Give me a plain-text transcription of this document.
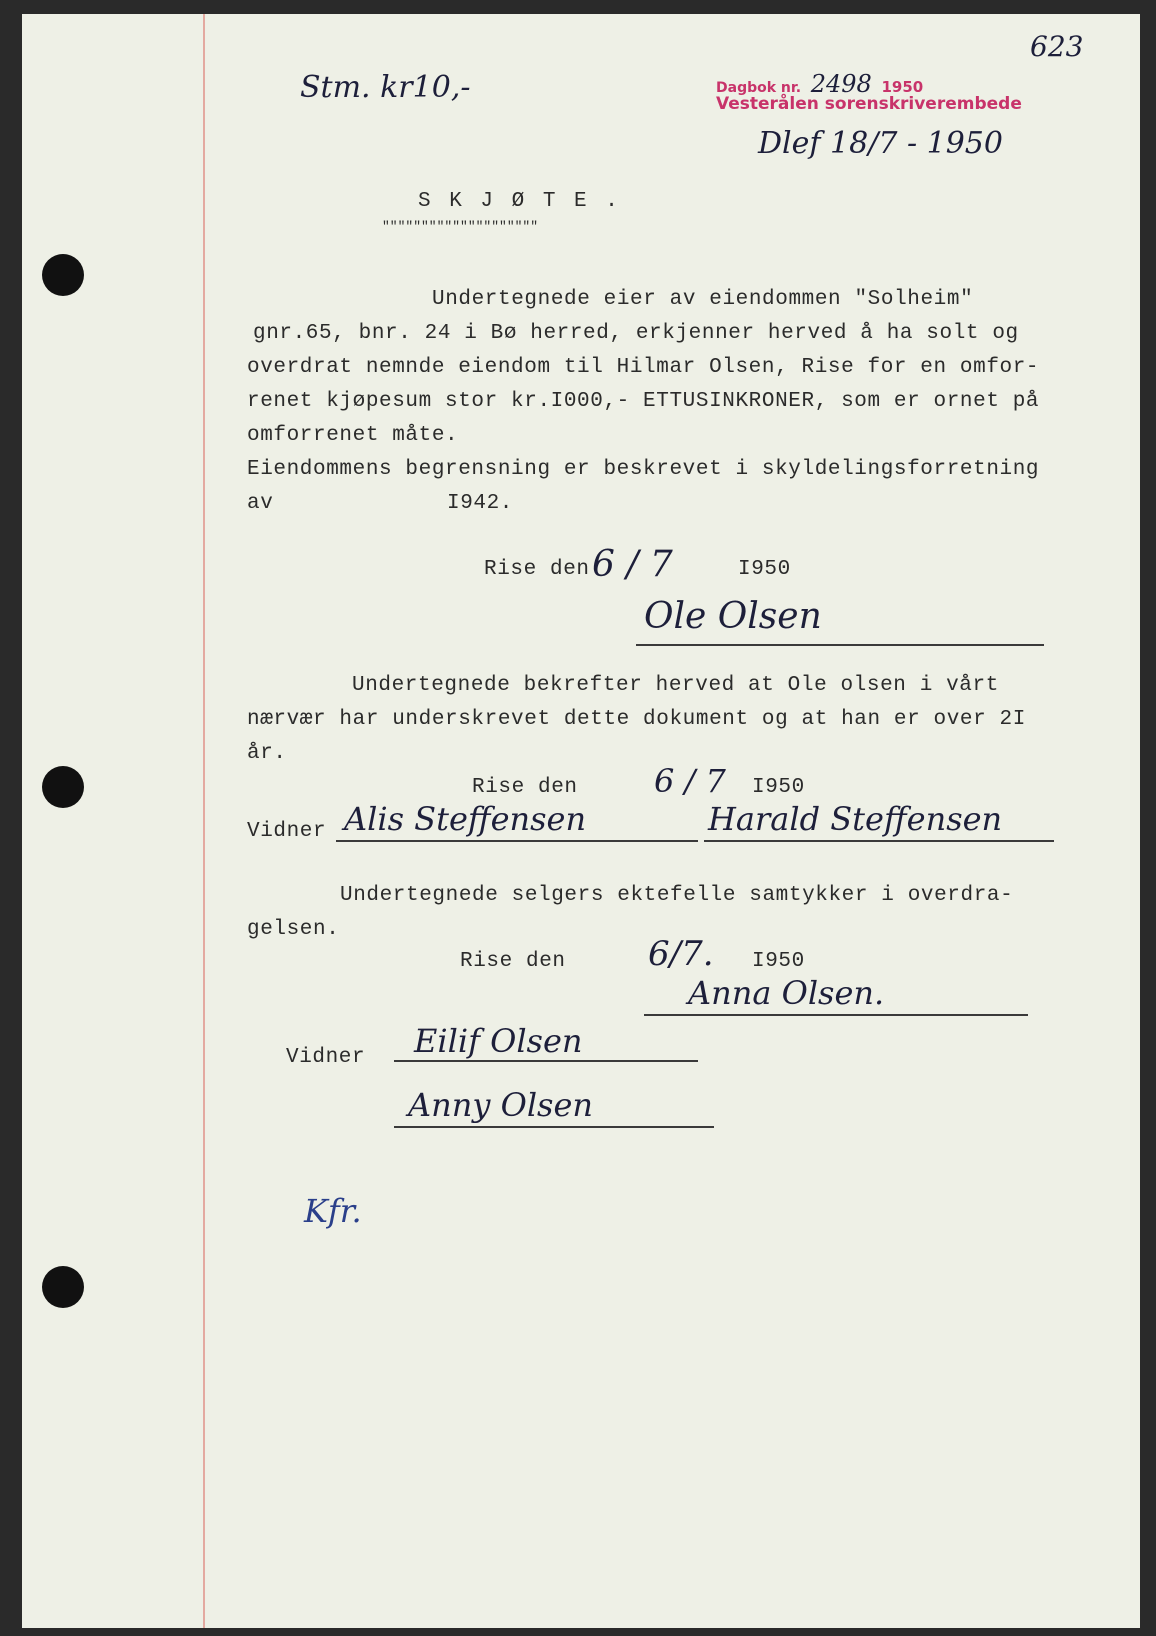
623
Stm. kr10,-	Dagbok nr. 2498 1950
Vesterålen sorenskriverembede
Dlef 18/7 - 1950
S K J Ø T E .
""""""""""""""""""""
Undertegnede eier av eiendommen "Solheim"
gnr.65, bnr. 24 i Bø herred, erkjenner herved å ha solt og
overdrat nemnde eiendom til Hilmar Olsen, Rise for en omfor-
renet kjøpesum stor kr.I000,- ETTUSINKRONER, som er ornet på
omforrenet måte.
Eiendommens begrensning er beskrevet i skyldelingsforretning
av	I942.
Rise den 6 / 7	I950
Ole Olsen
Undertegnede bekrefter herved at Ole olsen i vårt
nærvær har underskrevet dette dokument og at han er over 2I
år.
Rise den 6 / 7 I950
Vidner Alis Steffensen	Harald Steffensen
Undertegnede selgers ektefelle samtykker i overdra-
gelsen.
Rise den 6/7. I950
Anna Olsen.
Vidner Eilif Olsen
Anny Olsen
Kfr.
